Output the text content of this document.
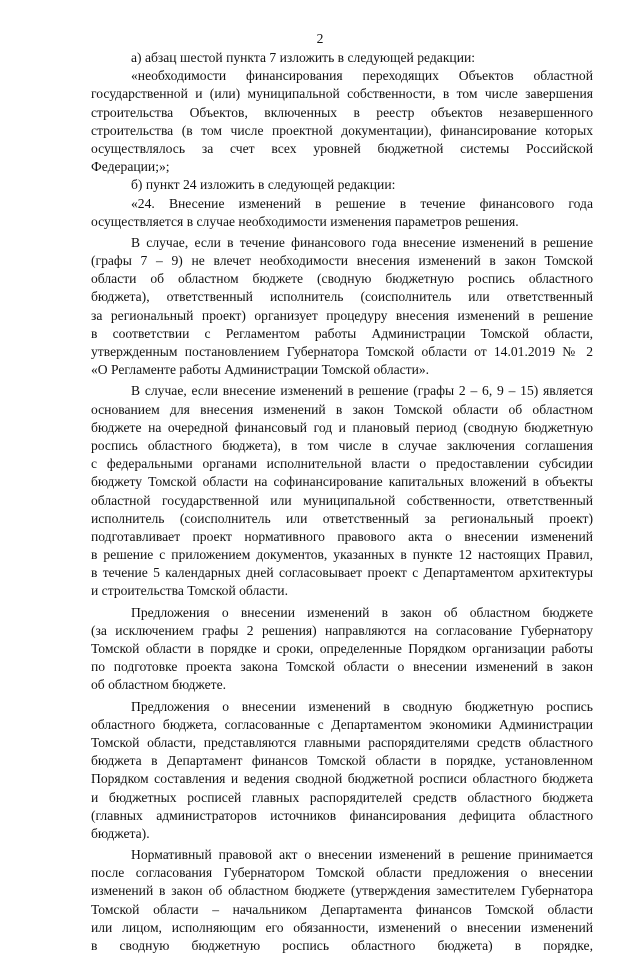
2
а) абзац шестой пункта 7 изложить в следующей редакции:
«необходимости финансирования переходящих Объектов областной
государственной и (или) муниципальной собственности, в том числе завершения
строительства Объектов, включенных в реестр объектов незавершенного
строительства (в том числе проектной документации), финансирование которых
осуществлялось за счет всех уровней бюджетной системы Российской
Федерации;»;
б) пункт 24 изложить в следующей редакции:
«24. Внесение изменений в решение в течение финансового года
осуществляется в случае необходимости изменения параметров решения.
В случае, если в течение финансового года внесение изменений в решение
(графы 7 – 9) не влечет необходимости внесения изменений в закон Томской
области об областном бюджете (сводную бюджетную роспись областного
бюджета), ответственный исполнитель (соисполнитель или ответственный
за региональный проект) организует процедуру внесения изменений в решение
в соответствии с Регламентом работы Администрации Томской области,
утвержденным постановлением Губернатора Томской области от 14.01.2019 № 2
«О Регламенте работы Администрации Томской области».
В случае, если внесение изменений в решение (графы 2 – 6, 9 – 15) является
основанием для внесения изменений в закон Томской области об областном
бюджете на очередной финансовый год и плановый период (сводную бюджетную
роспись областного бюджета), в том числе в случае заключения соглашения
с федеральными органами исполнительной власти о предоставлении субсидии
бюджету Томской области на софинансирование капитальных вложений в объекты
областной государственной или муниципальной собственности, ответственный
исполнитель (соисполнитель или ответственный за региональный проект)
подготавливает проект нормативного правового акта о внесении изменений
в решение с приложением документов, указанных в пункте 12 настоящих Правил,
в течение 5 календарных дней согласовывает проект с Департаментом архитектуры
и строительства Томской области.
Предложения о внесении изменений в закон об областном бюджете
(за исключением графы 2 решения) направляются на согласование Губернатору
Томской области в порядке и сроки, определенные Порядком организации работы
по подготовке проекта закона Томской области о внесении изменений в закон
об областном бюджете.
Предложения о внесении изменений в сводную бюджетную роспись
областного бюджета, согласованные с Департаментом экономики Администрации
Томской области, представляются главными распорядителями средств областного
бюджета в Департамент финансов Томской области в порядке, установленном
Порядком составления и ведения сводной бюджетной росписи областного бюджета
и бюджетных росписей главных распорядителей средств областного бюджета
(главных администраторов источников финансирования дефицита областного
бюджета).
Нормативный правовой акт о внесении изменений в решение принимается
после согласования Губернатором Томской области предложения о внесении
изменений в закон об областном бюджете (утверждения заместителем Губернатора
Томской области – начальником Департамента финансов Томской области
или лицом, исполняющим его обязанности, изменений о внесении изменений
в сводную бюджетную роспись областного бюджета) в порядке,
